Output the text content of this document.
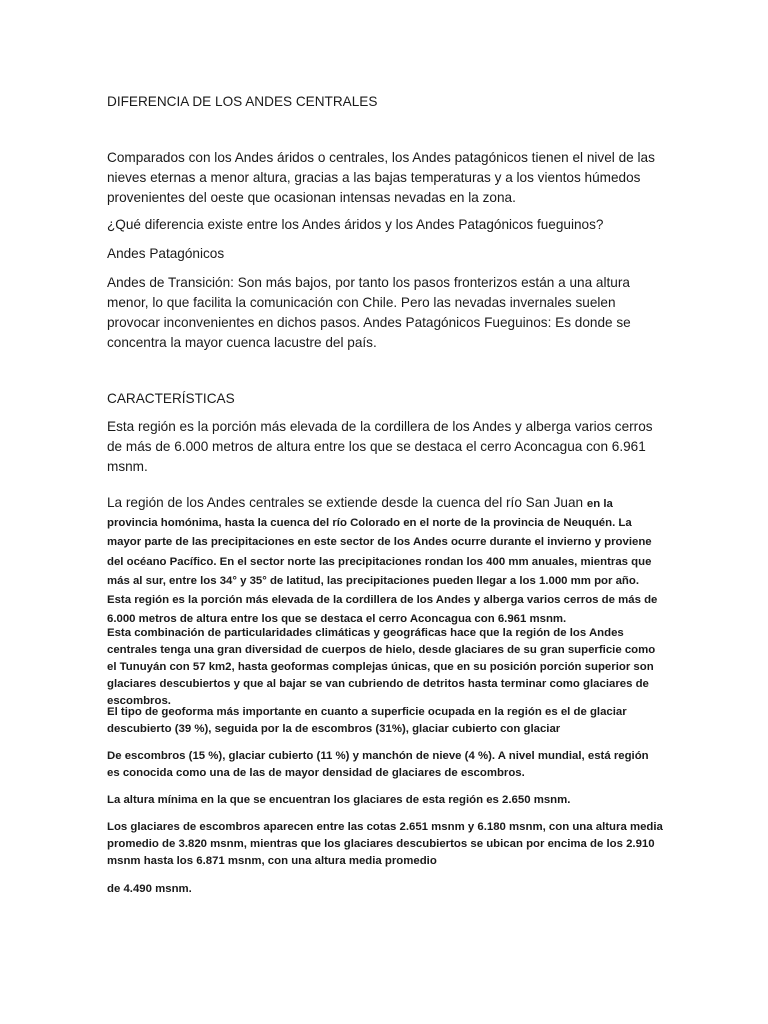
DIFERENCIA DE LOS ANDES CENTRALES

Comparados con los Andes áridos o centrales, los Andes patagónicos tienen el nivel de las nieves eternas a menor altura, gracias a las bajas temperaturas y a los vientos húmedos provenientes del oeste que ocasionan intensas nevadas en la zona.

¿Qué diferencia existe entre los Andes áridos y los Andes Patagónicos fueguinos?

Andes Patagónicos

Andes de Transición: Son más bajos, por tanto los pasos fronterizos están a una altura menor, lo que facilita la comunicación con Chile. Pero las nevadas invernales suelen provocar inconvenientes en dichos pasos. Andes Patagónicos Fueguinos: Es donde se concentra la mayor cuenca lacustre del país.

CARACTERÍSTICAS

Esta región es la porción más elevada de la cordillera de los Andes y alberga varios cerros de más de 6.000 metros de altura entre los que se destaca el cerro Aconcagua con 6.961 msnm.

La región de los Andes centrales se extiende desde la cuenca del río San Juan en la provincia homónima, hasta la cuenca del río Colorado en el norte de la provincia de Neuquén. La mayor parte de las precipitaciones en este sector de los Andes ocurre durante el invierno y proviene del océano Pacífico. En el sector norte las precipitaciones rondan los 400 mm anuales, mientras que más al sur, entre los 34° y 35° de latitud, las precipitaciones pueden llegar a los 1.000 mm por año. Esta región es la porción más elevada de la cordillera de los Andes y alberga varios cerros de más de 6.000 metros de altura entre los que se destaca el cerro Aconcagua con 6.961 msnm.

Esta combinación de particularidades climáticas y geográficas hace que la región de los Andes centrales tenga una gran diversidad de cuerpos de hielo, desde glaciares de su gran superficie como el Tunuyán con 57 km2, hasta geoformas complejas únicas, que en su posición porción superior son glaciares descubiertos y que al bajar se van cubriendo de detritos hasta terminar como glaciares de escombros.

El tipo de geoforma más importante en cuanto a superficie ocupada en la región es el de glaciar descubierto (39 %), seguida por la de escombros (31%), glaciar cubierto con glaciar

De escombros (15 %), glaciar cubierto (11 %) y manchón de nieve (4 %). A nivel mundial, está región es conocida como una de las de mayor densidad de glaciares de escombros.

La altura mínima en la que se encuentran los glaciares de esta región es 2.650 msnm.

Los glaciares de escombros aparecen entre las cotas 2.651 msnm y 6.180 msnm, con una altura media promedio de 3.820 msnm, mientras que los glaciares descubiertos se ubican por encima de los 2.910 msnm hasta los 6.871 msnm, con una altura media promedio

de 4.490 msnm.
